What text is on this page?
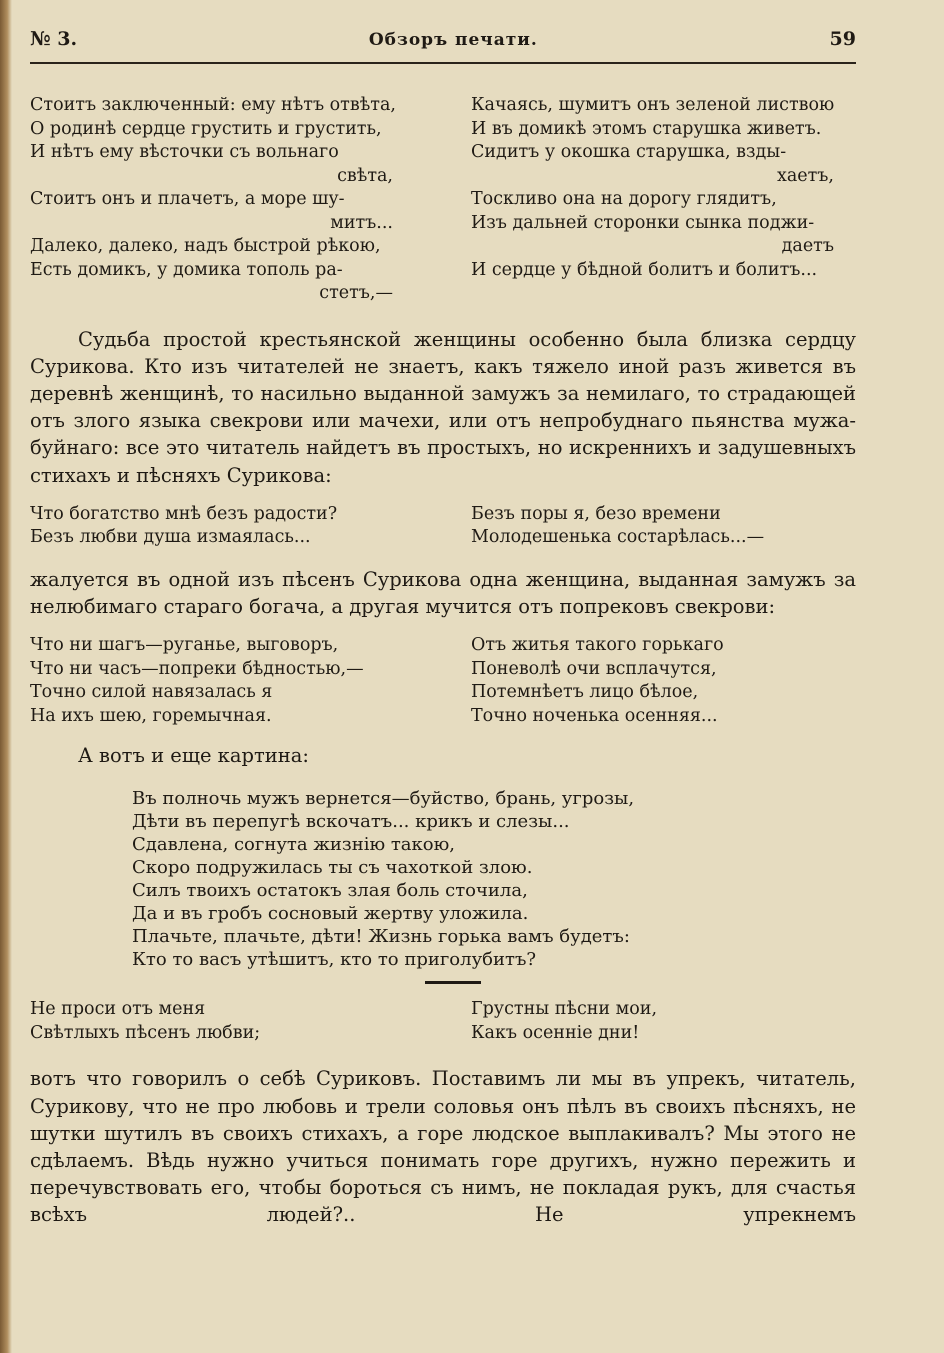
№ 3.	Обзоръ печати.	59
Стоитъ заключенный: ему нѣтъ отвѣта,
О родинѣ сердце грустить и грустить,
И нѣтъ ему вѣсточки съ вольнаго
свѣта,
Стоитъ онъ и плачетъ, а море шу-
митъ...
Далеко, далеко, надъ быстрой рѣкою,
Есть домикъ, у домика тополь ра-
стетъ,—
Качаясь, шумитъ онъ зеленой листвою
И въ домикѣ этомъ старушка живетъ.
Сидитъ у окошка старушка, взды-
хаетъ,
Тоскливо она на дорогу глядитъ,
Изъ дальней сторонки сынка поджи-
даетъ
И сердце у бѣдной болитъ и болитъ...

Судьба простой крестьянской женщины особенно была близка сердцу Сурикова. Кто изъ читателей не знаетъ, какъ тяжело иной разъ живется въ деревнѣ женщинѣ, то насильно выданной замужъ за немилаго, то страдающей отъ злого языка свекрови или мачехи, или отъ непробуднаго пьянства мужа-буйнаго: все это читатель найдетъ въ простыхъ, но искреннихъ и задушевныхъ стихахъ и пѣсняхъ Сурикова:

Что богатство мнѣ безъ радости?
Безъ любви душа измаялась...
Безъ поры я, безо времени
Молодешенька состарѣлась...—

жалуется въ одной изъ пѣсенъ Сурикова одна женщина, выданная замужъ за нелюбимаго стараго богача, а другая мучится отъ попрековъ свекрови:

Что ни шагъ—руганье, выговоръ,
Что ни часъ—попреки бѣдностью,—
Точно силой навязалась я
На ихъ шею, горемычная.
Отъ житья такого горькаго
Поневолѣ очи всплачутся,
Потемнѣетъ лицо бѣлое,
Точно ноченька осенняя...

А вотъ и еще картина:

Въ полночь мужъ вернется—буйство, брань, угрозы,
Дѣти въ перепугѣ вскочатъ... крикъ и слезы...
Сдавлена, согнута жизнію такою,
Скоро подружилась ты съ чахоткой злою.
Силъ твоихъ остатокъ злая боль сточила,
Да и въ гробъ сосновый жертву уложила.
Плачьте, плачьте, дѣти! Жизнь горька вамъ будетъ:
Кто то васъ утѣшитъ, кто то приголубитъ?
Не проси отъ меня
Свѣтлыхъ пѣсенъ любви;
Грустны пѣсни мои,
Какъ осенніе дни!

вотъ что говорилъ о себѣ Суриковъ. Поставимъ ли мы въ упрекъ, читатель, Сурикову, что не про любовь и трели соловья онъ пѣлъ въ своихъ пѣсняхъ, не шутки шутилъ въ своихъ стихахъ, а горе людское выплакивалъ? Мы этого не сдѣлаемъ. Вѣдь нужно учиться понимать горе другихъ, нужно пережить и перечувствовать его, чтобы бороться съ нимъ, не покладая рукъ, для счастья всѣхъ людей?.. Не упрекнемъ
